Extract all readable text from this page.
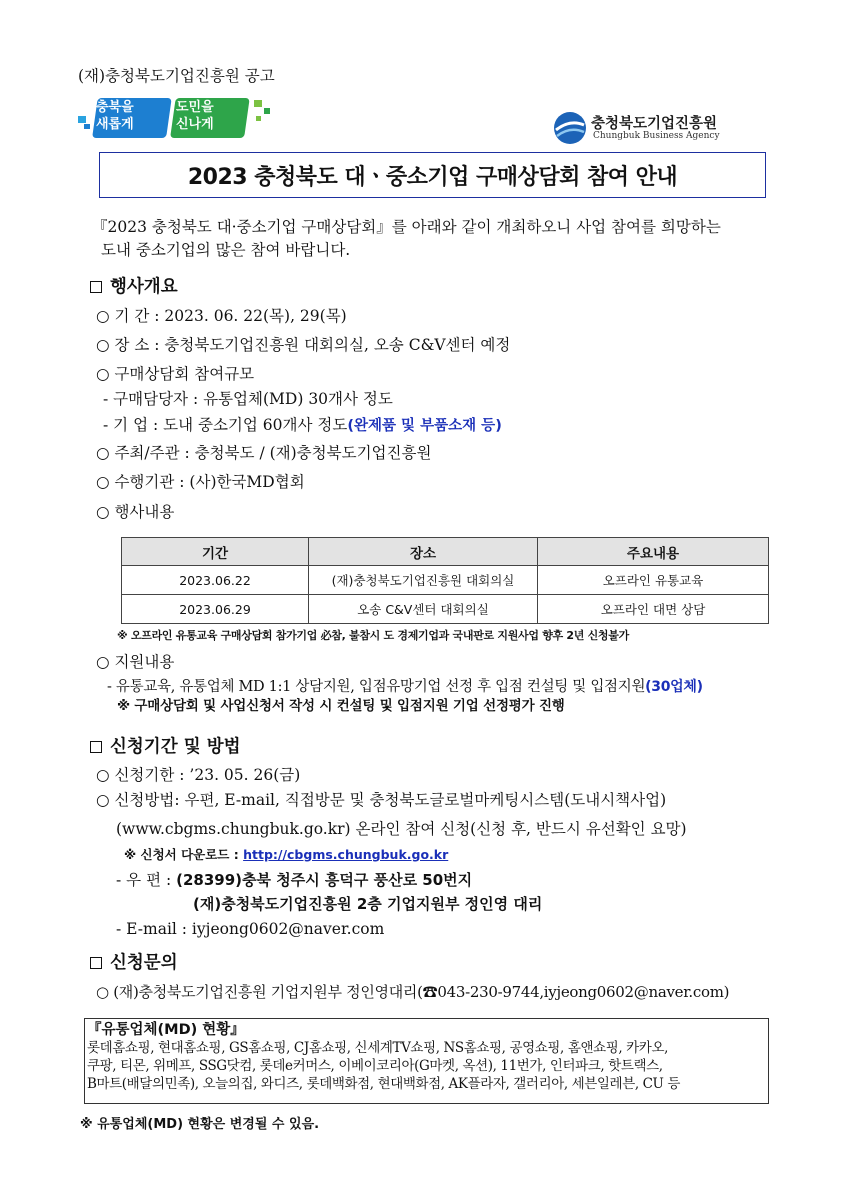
(재)충청북도기업진흥원 공고
충북을
새롭게
도민을
신나게	충청북도기업진흥원
Chungbuk Business Agency
2023 충청북도 대ㆍ중소기업 구매상담회 참여 안내
『2023 충청북도 대·중소기업 구매상담회』를 아래와 같이 개최하오니 사업 참여를 희망하는
도내 중소기업의 많은 참여 바랍니다.
행사개요
○ 기 간 : 2023. 06. 22(목), 29(목)
○ 장 소 : 충청북도기업진흥원 대회의실, 오송 C&V센터 예정
○ 구매상담회 참여규모
- 구매담당자 : 유통업체(MD) 30개사 정도
- 기 업 : 도내 중소기업 60개사 정도(완제품 및 부품소재 등)
○ 주최/주관 : 충청북도 / (재)충청북도기업진흥원
○ 수행기관 : (사)한국MD협회
○ 행사내용
기간	장소	주요내용
2023.06.22	(재)충청북도기업진흥원 대회의실	오프라인 유통교육
2023.06.29	오송 C&V센터 대회의실	오프라인 대면 상담
※ 오프라인 유통교육 구매상담회 참가기업 必참, 불참시 도 경제기업과 국내판로 지원사업 향후 2년 신청불가
○ 지원내용
- 유통교육, 유통업체 MD 1:1 상담지원, 입점유망기업 선정 후 입점 컨설팅 및 입점지원(30업체)
※ 구매상담회 및 사업신청서 작성 시 컨설팅 및 입점지원 기업 선정평가 진행
신청기간 및 방법
○ 신청기한 : ’23. 05. 26(금)
○ 신청방법: 우편, E-mail, 직접방문 및 충청북도글로벌마케팅시스템(도내시책사업)
(www.cbgms.chungbuk.go.kr) 온라인 참여 신청(신청 후, 반드시 유선확인 요망)
※ 신청서 다운로드 : http://cbgms.chungbuk.go.kr
- 우 편 : (28399)충북 청주시 흥덕구 풍산로 50번지
(재)충청북도기업진흥원 2층 기업지원부 정인영 대리
- E-mail : iyjeong0602@naver.com
신청문의
○ (재)충청북도기업진흥원 기업지원부 정인영대리(☎043-230-9744,iyjeong0602@naver.com)
『유통업체(MD) 현황』
롯데홈쇼핑, 현대홈쇼핑, GS홈쇼핑, CJ홈쇼핑, 신세계TV쇼핑, NS홈쇼핑, 공영쇼핑, 홈앤쇼핑, 카카오,
쿠팡, 티몬, 위메프, SSG닷컴, 롯데e커머스, 이베이코리아(G마켓, 옥션), 11번가, 인터파크, 핫트랙스,
B마트(배달의민족), 오늘의집, 와디즈, 롯데백화점, 현대백화점, AK플라자, 갤러리아, 세븐일레븐, CU 등
※ 유통업체(MD) 현황은 변경될 수 있음.
